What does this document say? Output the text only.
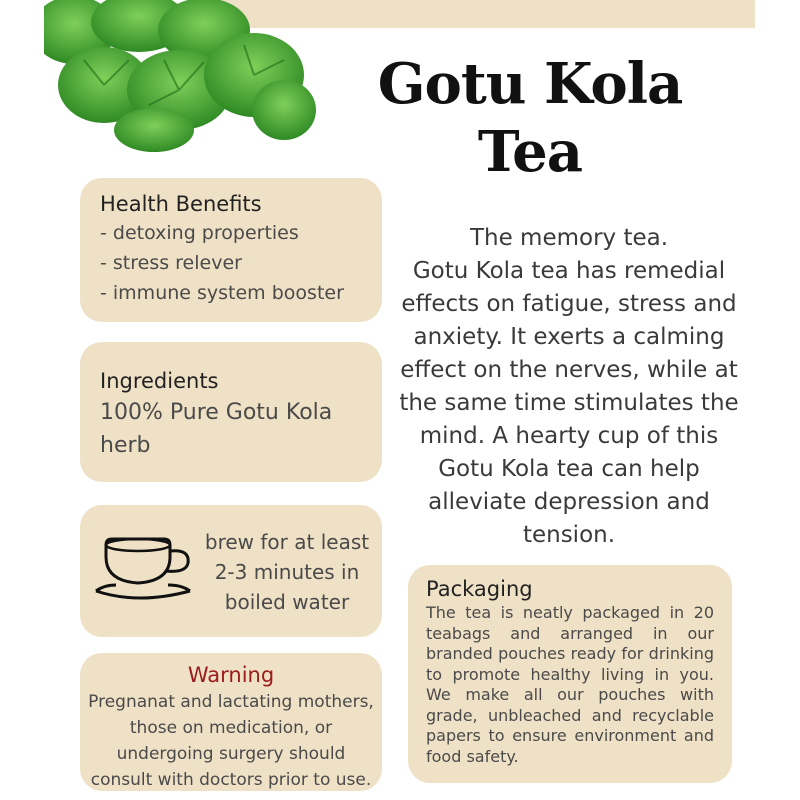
Gotu Kola
Tea
Health Benefits
- detoxing properties
- stress relever
- immune system booster
Ingredients
100% Pure Gotu Kola herb
brew for at least
2-3 minutes in
boiled water
Warning
Pregnanat and lactating mothers, those on medication, or undergoing surgery should consult with doctors prior to use.
The memory tea.
Gotu Kola tea has remedial effects on fatigue, stress and anxiety. It exerts a calming effect on the nerves, while at the same time stimulates the mind. A hearty cup of this Gotu Kola tea can help alleviate depression and tension.
Packaging
The tea is neatly packaged in 20 teabags and arranged in our branded pouches ready for drinking to promote healthy living in you. We make all our pouches with grade, unbleached and recyclable papers to ensure environment and food safety.
